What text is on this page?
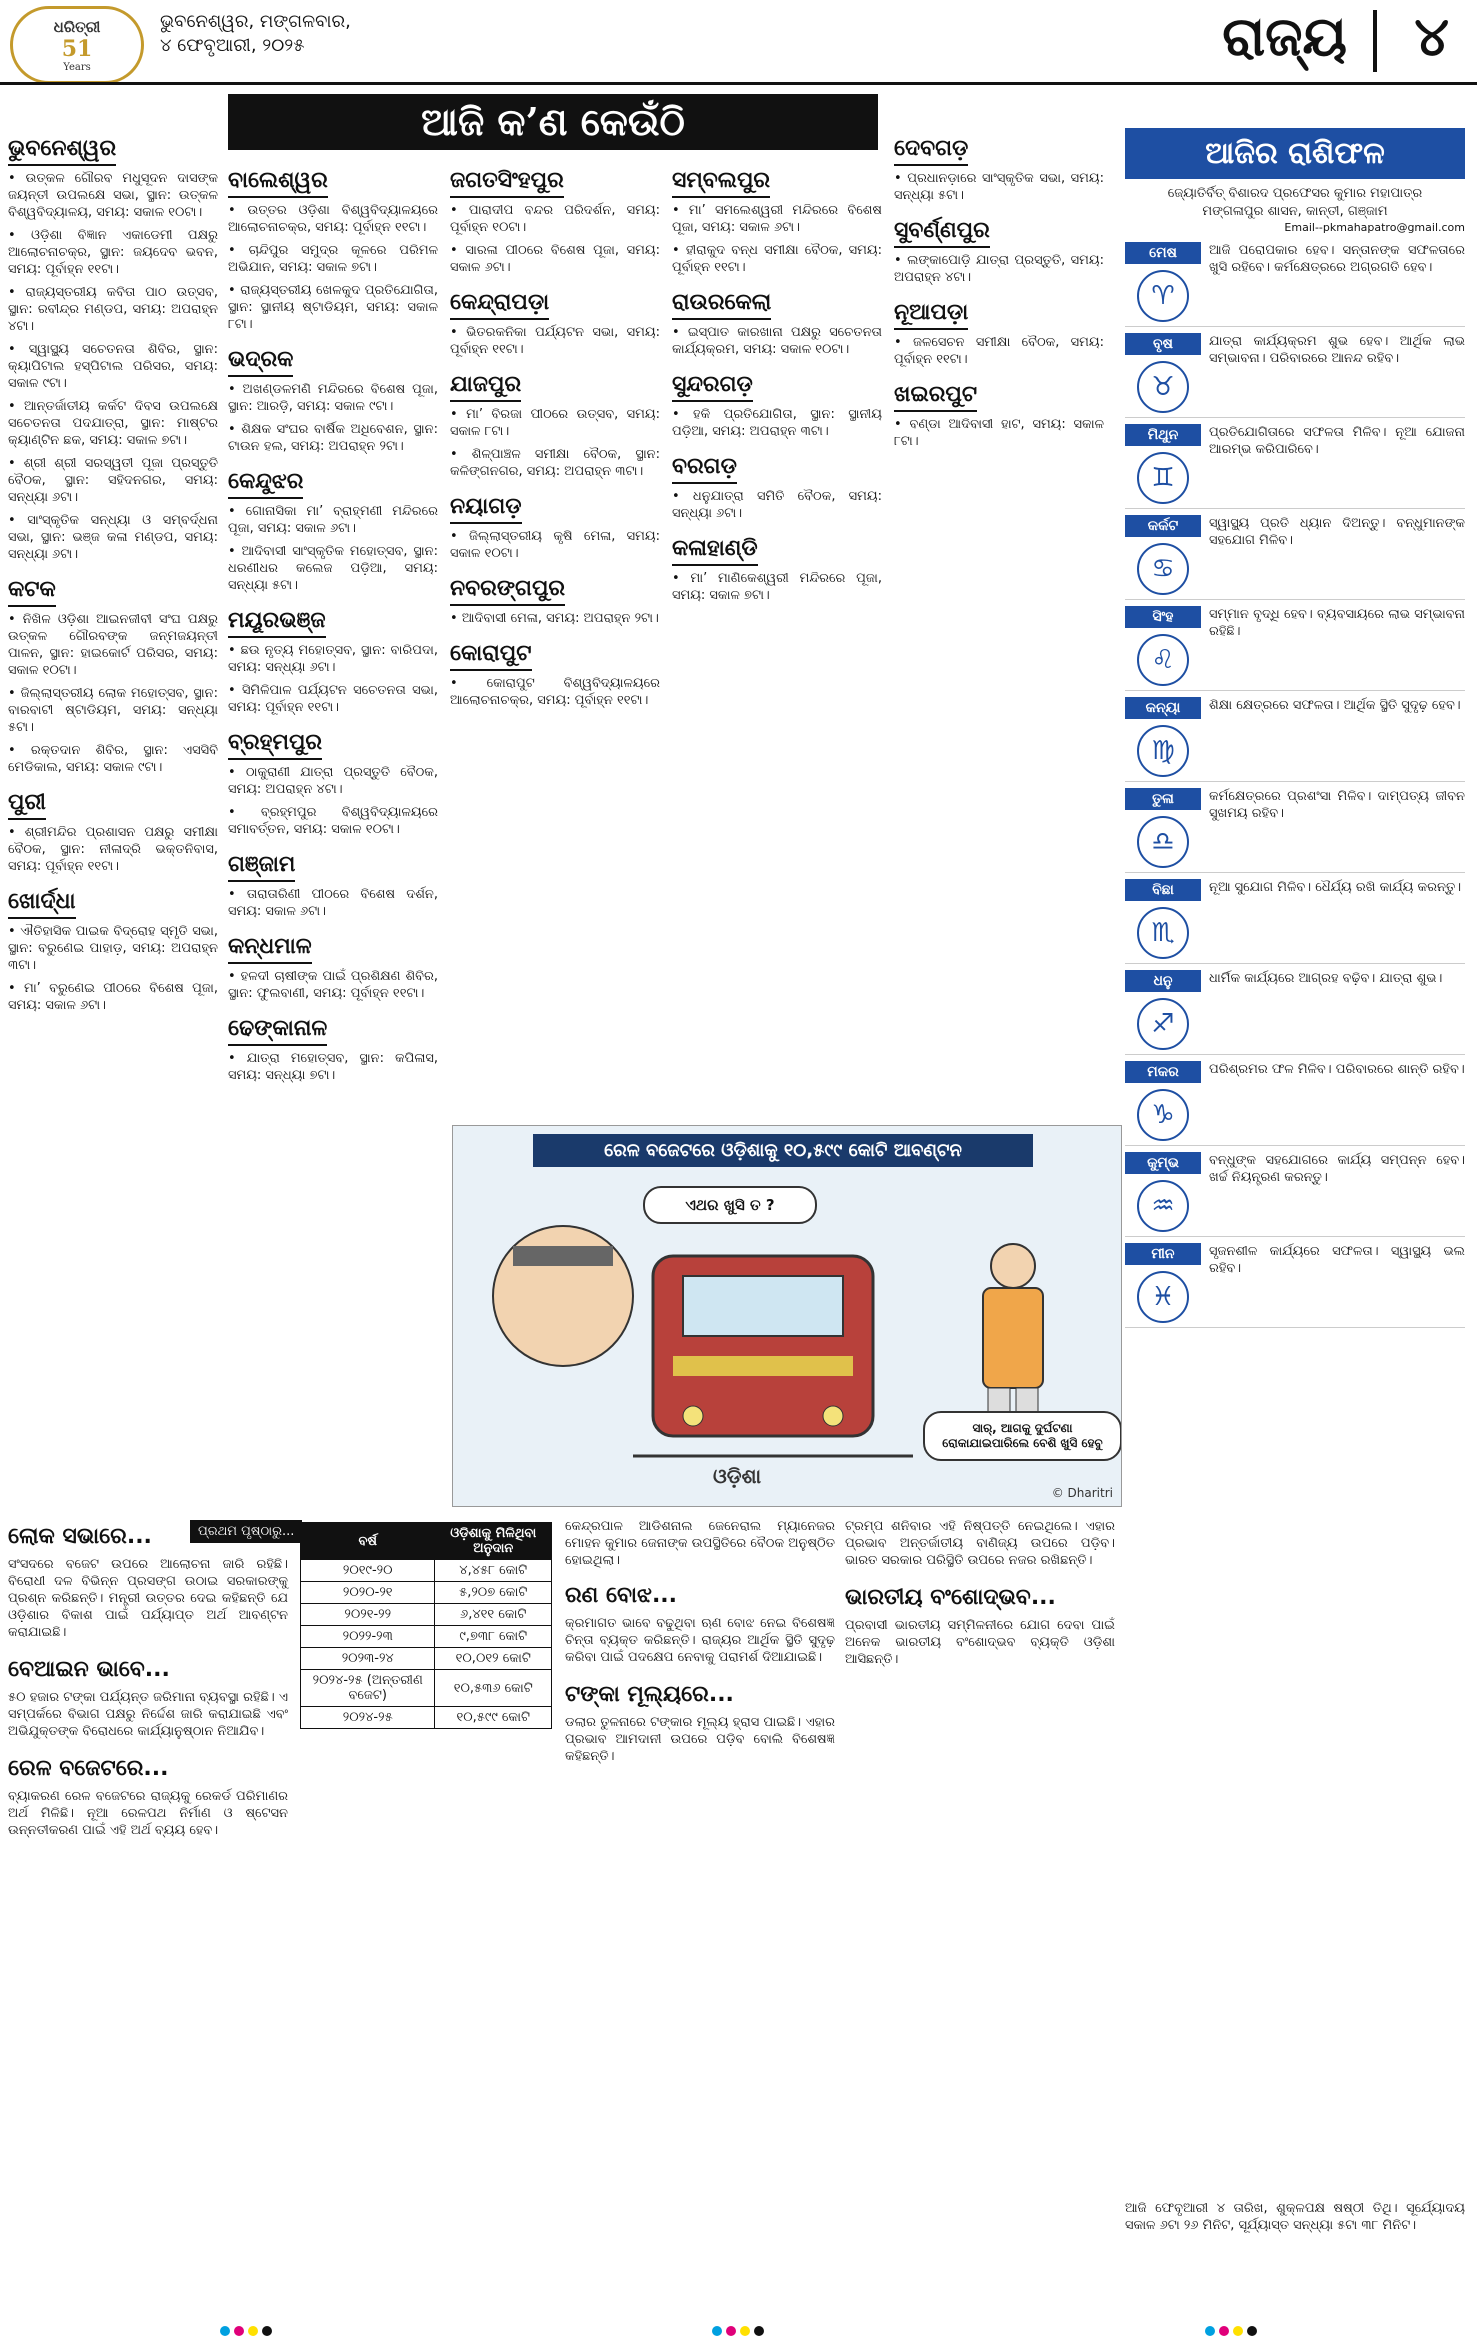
ଧରିତ୍ରୀ
51
Years
ଭୁବନେଶ୍ୱର, ମଙ୍ଗଳବାର,
୪ ଫେବୃଆରୀ, ୨୦୨୫	ରାଜ୍ୟ ୪
ଆଜି କ’ଣ କେଉଁଠି
ଭୁବନେଶ୍ୱର

• ଉତ୍କଳ ଗୌରବ ମଧୁସୂଦନ ଦାସଙ୍କ ଜୟନ୍ତୀ ଉପଲକ୍ଷେ ସଭା, ସ୍ଥାନ: ଉତ୍କଳ ବିଶ୍ୱବିଦ୍ୟାଳୟ, ସମୟ: ସକାଳ ୧୦ଟା।

• ଓଡ଼ିଶା ବିଜ୍ଞାନ ଏକାଡେମୀ ପକ୍ଷରୁ ଆଲୋଚନାଚକ୍ର, ସ୍ଥାନ: ଜୟଦେବ ଭବନ, ସମୟ: ପୂର୍ବାହ୍ନ ୧୧ଟା।

• ରାଜ୍ୟସ୍ତରୀୟ କବିତା ପାଠ ଉତ୍ସବ, ସ୍ଥାନ: ରବୀନ୍ଦ୍ର ମଣ୍ଡପ, ସମୟ: ଅପରାହ୍ନ ୪ଟା।

• ସ୍ୱାସ୍ଥ୍ୟ ସଚେତନତା ଶିବିର, ସ୍ଥାନ: କ୍ୟାପିଟାଲ ହସ୍ପିଟାଲ ପରିସର, ସମୟ: ସକାଳ ୯ଟା।

• ଆନ୍ତର୍ଜାତୀୟ କର୍କଟ ଦିବସ ଉପଲକ୍ଷେ ସଚେତନତା ପଦଯାତ୍ରା, ସ୍ଥାନ: ମାଷ୍ଟର କ୍ୟାଣ୍ଟିନ ଛକ, ସମୟ: ସକାଳ ୭ଟା।

• ଶ୍ରୀ ଶ୍ରୀ ସରସ୍ୱତୀ ପୂଜା ପ୍ରସ୍ତୁତି ବୈଠକ, ସ୍ଥାନ: ସହିଦନଗର, ସମୟ: ସନ୍ଧ୍ୟା ୬ଟା।

• ସାଂସ୍କୃତିକ ସନ୍ଧ୍ୟା ଓ ସମ୍ବର୍ଦ୍ଧନା ସଭା, ସ୍ଥାନ: ଭଞ୍ଜ କଳା ମଣ୍ଡପ, ସମୟ: ସନ୍ଧ୍ୟା ୬ଟା।

କଟକ

• ନିଖିଳ ଓଡ଼ିଶା ଆଇନଜୀବୀ ସଂଘ ପକ୍ଷରୁ ଉତ୍କଳ ଗୌରବଙ୍କ ଜନ୍ମଜୟନ୍ତୀ ପାଳନ, ସ୍ଥାନ: ହାଇକୋର୍ଟ ପରିସର, ସମୟ: ସକାଳ ୧୦ଟା।

• ଜିଲ୍ଲାସ୍ତରୀୟ ଲୋକ ମହୋତ୍ସବ, ସ୍ଥାନ: ବାରବାଟୀ ଷ୍ଟାଡିୟମ, ସମୟ: ସନ୍ଧ୍ୟା ୫ଟା।

• ରକ୍ତଦାନ ଶିବିର, ସ୍ଥାନ: ଏସସିବି ମେଡିକାଲ, ସମୟ: ସକାଳ ୯ଟା।

ପୁରୀ

• ଶ୍ରୀମନ୍ଦିର ପ୍ରଶାସନ ପକ୍ଷରୁ ସମୀକ୍ଷା ବୈଠକ, ସ୍ଥାନ: ନୀଳାଦ୍ରି ଭକ୍ତନିବାସ, ସମୟ: ପୂର୍ବାହ୍ନ ୧୧ଟା।

ଖୋର୍ଦ୍ଧା

• ଐତିହାସିକ ପାଇକ ବିଦ୍ରୋହ ସ୍ମୃତି ସଭା, ସ୍ଥାନ: ବରୁଣେଇ ପାହାଡ଼, ସମୟ: ଅପରାହ୍ନ ୩ଟା।

• ମା’ ବରୁଣେଇ ପୀଠରେ ବିଶେଷ ପୂଜା, ସମୟ: ସକାଳ ୬ଟା।

ବାଲେଶ୍ୱର

• ଉତ୍ତର ଓଡ଼ିଶା ବିଶ୍ୱବିଦ୍ୟାଳୟରେ ଆଲୋଚନାଚକ୍ର, ସମୟ: ପୂର୍ବାହ୍ନ ୧୧ଟା।

• ଚାନ୍ଦିପୁର ସମୁଦ୍ର କୂଳରେ ପରିମଳ ଅଭିଯାନ, ସମୟ: ସକାଳ ୭ଟା।

• ରାଜ୍ୟସ୍ତରୀୟ ଖେଳକୁଦ ପ୍ରତିଯୋଗିତା, ସ୍ଥାନ: ସ୍ଥାନୀୟ ଷ୍ଟାଡିୟମ, ସମୟ: ସକାଳ ୮ଟା।

ଭଦ୍ରକ

• ଅଖଣ୍ଡଳମଣି ମନ୍ଦିରରେ ବିଶେଷ ପୂଜା, ସ୍ଥାନ: ଆରଡ଼ି, ସମୟ: ସକାଳ ୯ଟା।

• ଶିକ୍ଷକ ସଂଘର ବାର୍ଷିକ ଅଧିବେଶନ, ସ୍ଥାନ: ଟାଉନ ହଲ, ସମୟ: ଅପରାହ୍ନ ୨ଟା।

କେନ୍ଦୁଝର

• ଗୋନାସିକା ମା’ ବ୍ରାହ୍ମଣୀ ମନ୍ଦିରରେ ପୂଜା, ସମୟ: ସକାଳ ୬ଟା।

• ଆଦିବାସୀ ସାଂସ୍କୃତିକ ମହୋତ୍ସବ, ସ୍ଥାନ: ଧରଣୀଧର କଲେଜ ପଡ଼ିଆ, ସମୟ: ସନ୍ଧ୍ୟା ୫ଟା।

ମୟୂରଭଞ୍ଜ

• ଛଉ ନୃତ୍ୟ ମହୋତ୍ସବ, ସ୍ଥାନ: ବାରିପଦା, ସମୟ: ସନ୍ଧ୍ୟା ୬ଟା।

• ସିମିଳିପାଳ ପର୍ଯ୍ୟଟନ ସଚେତନତା ସଭା, ସମୟ: ପୂର୍ବାହ୍ନ ୧୧ଟା।

ବ୍ରହ୍ମପୁର

• ଠାକୁରାଣୀ ଯାତ୍ରା ପ୍ରସ୍ତୁତି ବୈଠକ, ସମୟ: ଅପରାହ୍ନ ୪ଟା।

• ବ୍ରହ୍ମପୁର ବିଶ୍ୱବିଦ୍ୟାଳୟରେ ସମାବର୍ତ୍ତନ, ସମୟ: ସକାଳ ୧୦ଟା।

ଗଞ୍ଜାମ

• ତାରାତାରିଣୀ ପୀଠରେ ବିଶେଷ ଦର୍ଶନ, ସମୟ: ସକାଳ ୬ଟା।

କନ୍ଧମାଳ

• ହଳଦୀ ଚାଷୀଙ୍କ ପାଇଁ ପ୍ରଶିକ୍ଷଣ ଶିବିର, ସ୍ଥାନ: ଫୁଲବାଣୀ, ସମୟ: ପୂର୍ବାହ୍ନ ୧୧ଟା।

ଢେଙ୍କାନାଳ

• ଯାତ୍ରା ମହୋତ୍ସବ, ସ୍ଥାନ: କପିଳାସ, ସମୟ: ସନ୍ଧ୍ୟା ୭ଟା।

ଜଗତସିଂହପୁର

• ପାରାଦୀପ ବନ୍ଦର ପରିଦର୍ଶନ, ସମୟ: ପୂର୍ବାହ୍ନ ୧୦ଟା।

• ସାରଳା ପୀଠରେ ବିଶେଷ ପୂଜା, ସମୟ: ସକାଳ ୬ଟା।

କେନ୍ଦ୍ରାପଡ଼ା

• ଭିତରକନିକା ପର୍ଯ୍ୟଟନ ସଭା, ସମୟ: ପୂର୍ବାହ୍ନ ୧୧ଟା।

ଯାଜପୁର

• ମା’ ବିରଜା ପୀଠରେ ଉତ୍ସବ, ସମୟ: ସକାଳ ୮ଟା।

• ଶିଳ୍ପାଞ୍ଚଳ ସମୀକ୍ଷା ବୈଠକ, ସ୍ଥାନ: କଳିଙ୍ଗନଗର, ସମୟ: ଅପରାହ୍ନ ୩ଟା।

ନୟାଗଡ଼

• ଜିଲ୍ଲାସ୍ତରୀୟ କୃଷି ମେଳା, ସମୟ: ସକାଳ ୧୦ଟା।

ନବରଙ୍ଗପୁର

• ଆଦିବାସୀ ମେଳା, ସମୟ: ଅପରାହ୍ନ ୨ଟା।

କୋରାପୁଟ

• କୋରାପୁଟ ବିଶ୍ୱବିଦ୍ୟାଳୟରେ ଆଲୋଚନାଚକ୍ର, ସମୟ: ପୂର୍ବାହ୍ନ ୧୧ଟା।

ସମ୍ବଲପୁର

• ମା’ ସମଲେଶ୍ୱରୀ ମନ୍ଦିରରେ ବିଶେଷ ପୂଜା, ସମୟ: ସକାଳ ୬ଟା।

• ହୀରାକୁଦ ବନ୍ଧ ସମୀକ୍ଷା ବୈଠକ, ସମୟ: ପୂର୍ବାହ୍ନ ୧୧ଟା।

ରାଉରକେଲା

• ଇସ୍ପାତ କାରଖାନା ପକ୍ଷରୁ ସଚେତନତା କାର୍ଯ୍ୟକ୍ରମ, ସମୟ: ସକାଳ ୧୦ଟା।

ସୁନ୍ଦରଗଡ଼

• ହକି ପ୍ରତିଯୋଗିତା, ସ୍ଥାନ: ସ୍ଥାନୀୟ ପଡ଼ିଆ, ସମୟ: ଅପରାହ୍ନ ୩ଟା।

ବରଗଡ଼

• ଧନୁଯାତ୍ରା ସମିତି ବୈଠକ, ସମୟ: ସନ୍ଧ୍ୟା ୬ଟା।

କଳାହାଣ୍ଡି

• ମା’ ମାଣିକେଶ୍ୱରୀ ମନ୍ଦିରରେ ପୂଜା, ସମୟ: ସକାଳ ୭ଟା।

ଦେବଗଡ଼

• ପ୍ରଧାନଡ଼ାରେ ସାଂସ୍କୃତିକ ସଭା, ସମୟ: ସନ୍ଧ୍ୟା ୫ଟା।

ସୁବର୍ଣ୍ଣପୁର

• ଲଙ୍କାପୋଡ଼ି ଯାତ୍ରା ପ୍ରସ୍ତୁତି, ସମୟ: ଅପରାହ୍ନ ୪ଟା।

ନୂଆପଡ଼ା

• ଜଳସେଚନ ସମୀକ୍ଷା ବୈଠକ, ସମୟ: ପୂର୍ବାହ୍ନ ୧୧ଟା।

ଖଇରପୁଟ

• ବଣ୍ଡା ଆଦିବାସୀ ହାଟ, ସମୟ: ସକାଳ ୮ଟା।

ଆଜିର ରାଶିଫଳ
ଜ୍ୟୋତିର୍ବିତ୍ ବିଶାରଦ ପ୍ରଫେସର କୁମାର ମହାପାତ୍ର
ମଙ୍ଗଳାପୁର ଶାସନ, କାନ୍ତୀ, ଗଞ୍ଜାମ
Email--pkmahapatro@gmail.com
ମେଷ
♈
ଆଜି ପରୋପକାର ହେବ। ସନ୍ତାନଙ୍କ ସଫଳତାରେ ଖୁସି ରହିବେ। କର୍ମକ୍ଷେତ୍ରରେ ଅଗ୍ରଗତି ହେବ।
ବୃଷ
♉
ଯାତ୍ରା କାର୍ଯ୍ୟକ୍ରମ ଶୁଭ ହେବ। ଆର୍ଥିକ ଲାଭ ସମ୍ଭାବନା। ପରିବାରରେ ଆନନ୍ଦ ରହିବ।
ମିଥୁନ
♊
ପ୍ରତିଯୋଗିତାରେ ସଫଳତା ମିଳିବ। ନୂଆ ଯୋଜନା ଆରମ୍ଭ କରିପାରିବେ।
କର୍କଟ
♋
ସ୍ୱାସ୍ଥ୍ୟ ପ୍ରତି ଧ୍ୟାନ ଦିଅନ୍ତୁ। ବନ୍ଧୁମାନଙ୍କ ସହଯୋଗ ମିଳିବ।
ସିଂହ
♌
ସମ୍ମାନ ବୃଦ୍ଧି ହେବ। ବ୍ୟବସାୟରେ ଲାଭ ସମ୍ଭାବନା ରହିଛି।
କନ୍ୟା
♍
ଶିକ୍ଷା କ୍ଷେତ୍ରରେ ସଫଳତା। ଆର୍ଥିକ ସ୍ଥିତି ସୁଦୃଢ଼ ହେବ।
ତୁଳା
♎
କର୍ମକ୍ଷେତ୍ରରେ ପ୍ରଶଂସା ମିଳିବ। ଦାମ୍ପତ୍ୟ ଜୀବନ ସୁଖମୟ ରହିବ।
ବିଛା
♏
ନୂଆ ସୁଯୋଗ ମିଳିବ। ଧୈର୍ଯ୍ୟ ରଖି କାର୍ଯ୍ୟ କରନ୍ତୁ।
ଧନୁ
♐
ଧାର୍ମିକ କାର୍ଯ୍ୟରେ ଆଗ୍ରହ ବଢ଼ିବ। ଯାତ୍ରା ଶୁଭ।
ମକର
♑
ପରିଶ୍ରମର ଫଳ ମିଳିବ। ପରିବାରରେ ଶାନ୍ତି ରହିବ।
କୁମ୍ଭ
♒
ବନ୍ଧୁଙ୍କ ସହଯୋଗରେ କାର୍ଯ୍ୟ ସମ୍ପନ୍ନ ହେବ। ଖର୍ଚ୍ଚ ନିୟନ୍ତ୍ରଣ କରନ୍ତୁ।
ମୀନ
♓
ସୃଜନଶୀଳ କାର୍ଯ୍ୟରେ ସଫଳତା। ସ୍ୱାସ୍ଥ୍ୟ ଭଲ ରହିବ।
ରେଳ ବଜେଟରେ ଓଡ଼ିଶାକୁ ୧୦,୫୯୯ କୋଟି ଆବଣ୍ଟନ
ଏଥର ଖୁସି ତ ?
ସାର୍, ଆଗକୁ ଦୁର୍ଘଟଣା ରୋକାଯାଇପାରିଲେ ବେଶି ଖୁସି ହେବୁ
ଓଡ଼ିଶା
© Dharitri
ଲୋକ ସଭାରେ...

ସଂସଦରେ ବଜେଟ ଉପରେ ଆଲୋଚନା ଜାରି ରହିଛି। ବିରୋଧୀ ଦଳ ବିଭିନ୍ନ ପ୍ରସଙ୍ଗ ଉଠାଇ ସରକାରଙ୍କୁ ପ୍ରଶ୍ନ କରିଛନ୍ତି। ମନ୍ତ୍ରୀ ଉତ୍ତର ଦେଇ କହିଛନ୍ତି ଯେ ଓଡ଼ିଶାର ବିକାଶ ପାଇଁ ପର୍ଯ୍ୟାପ୍ତ ଅର୍ଥ ଆବଣ୍ଟନ କରାଯାଇଛି।

ବେଆଇନ ଭାବେ...

୫୦ ହଜାର ଟଙ୍କା ପର୍ଯ୍ୟନ୍ତ ଜରିମାନା ବ୍ୟବସ୍ଥା ରହିଛି। ଏ ସମ୍ପର୍କରେ ବିଭାଗ ପକ୍ଷରୁ ନିର୍ଦ୍ଦେଶ ଜାରି କରାଯାଇଛି ଏବଂ ଅଭିଯୁକ୍ତଙ୍କ ବିରୋଧରେ କାର୍ଯ୍ୟାନୁଷ୍ଠାନ ନିଆଯିବ।

ରେଳ ବଜେଟରେ...

ବ୍ୟାକରଣ ରେଳ ବଜେଟରେ ରାଜ୍ୟକୁ ରେକର୍ଡ ପରିମାଣର ଅର୍ଥ ମିଳିଛି। ନୂଆ ରେଳପଥ ନିର୍ମାଣ ଓ ଷ୍ଟେସନ ଉନ୍ନତୀକରଣ ପାଇଁ ଏହି ଅର୍ଥ ବ୍ୟୟ ହେବ।

ପ୍ରଥମ ପୃଷ୍ଠାରୁ...
ବର୍ଷ	ଓଡ଼ିଶାକୁ ମିଳିଥିବା ଅନୁଦାନ
୨୦୧୯-୨୦	୪,୪୫୮ କୋଟି
୨୦୨୦-୨୧	୫,୨୦୭ କୋଟି
୨୦୨୧-୨୨	୬,୪୧୧ କୋଟି
୨୦୨୨-୨୩	୯,୭୩୮ କୋଟି
୨୦୨୩-୨୪	୧୦,୦୧୨ କୋଟି
୨୦୨୪-୨୫ (ଅନ୍ତରୀଣ ବଜେଟ)	୧୦,୫୩୬ କୋଟି
୨୦୨୪-୨୫	୧୦,୫୯୯ କୋଟି

କେନ୍ଦ୍ରପାଳ ଆଡିଶନାଲ ଜେନେରାଲ ମ୍ୟାନେଜର ମୋହନ କୁମାର ଜେନାଙ୍କ ଉପସ୍ଥିତିରେ ବୈଠକ ଅନୁଷ୍ଠିତ ହୋଇଥିଲା।

ରଣ ବୋଝ...

କ୍ରମାଗତ ଭାବେ ବଢୁଥିବା ଋଣ ବୋଝ ନେଇ ବିଶେଷଜ୍ଞ ଚିନ୍ତା ବ୍ୟକ୍ତ କରିଛନ୍ତି। ରାଜ୍ୟର ଆର୍ଥିକ ସ୍ଥିତି ସୁଦୃଢ଼ କରିବା ପାଇଁ ପଦକ୍ଷେପ ନେବାକୁ ପରାମର୍ଶ ଦିଆଯାଇଛି।

ଟଙ୍କା ମୂଲ୍ୟରେ...

ଡଲାର ତୁଳନାରେ ଟଙ୍କାର ମୂଲ୍ୟ ହ୍ରାସ ପାଇଛି। ଏହାର ପ୍ରଭାବ ଆମଦାନୀ ଉପରେ ପଡ଼ିବ ବୋଲି ବିଶେଷଜ୍ଞ କହିଛନ୍ତି।

ଟ୍ରମ୍ପ ଶନିବାର ଏହି ନିଷ୍ପତ୍ତି ନେଇଥିଲେ। ଏହାର ପ୍ରଭାବ ଅନ୍ତର୍ଜାତୀୟ ବାଣିଜ୍ୟ ଉପରେ ପଡ଼ିବ। ଭାରତ ସରକାର ପରିସ୍ଥିତି ଉପରେ ନଜର ରଖିଛନ୍ତି।

ଭାରତୀୟ ବଂଶୋଦ୍ଭବ...

ପ୍ରବାସୀ ଭାରତୀୟ ସମ୍ମିଳନୀରେ ଯୋଗ ଦେବା ପାଇଁ ଅନେକ ଭାରତୀୟ ବଂଶୋଦ୍ଭବ ବ୍ୟକ୍ତି ଓଡ଼ିଶା ଆସିଛନ୍ତି।

ଆଜି ଫେବୃଆରୀ ୪ ତାରିଖ, ଶୁକ୍ଳପକ୍ଷ ଷଷ୍ଠୀ ତିଥି। ସୂର୍ଯ୍ୟୋଦୟ ସକାଳ ୬ଟା ୨୬ ମିନିଟ, ସୂର୍ଯ୍ୟାସ୍ତ ସନ୍ଧ୍ୟା ୫ଟା ୩୮ ମିନିଟ।
